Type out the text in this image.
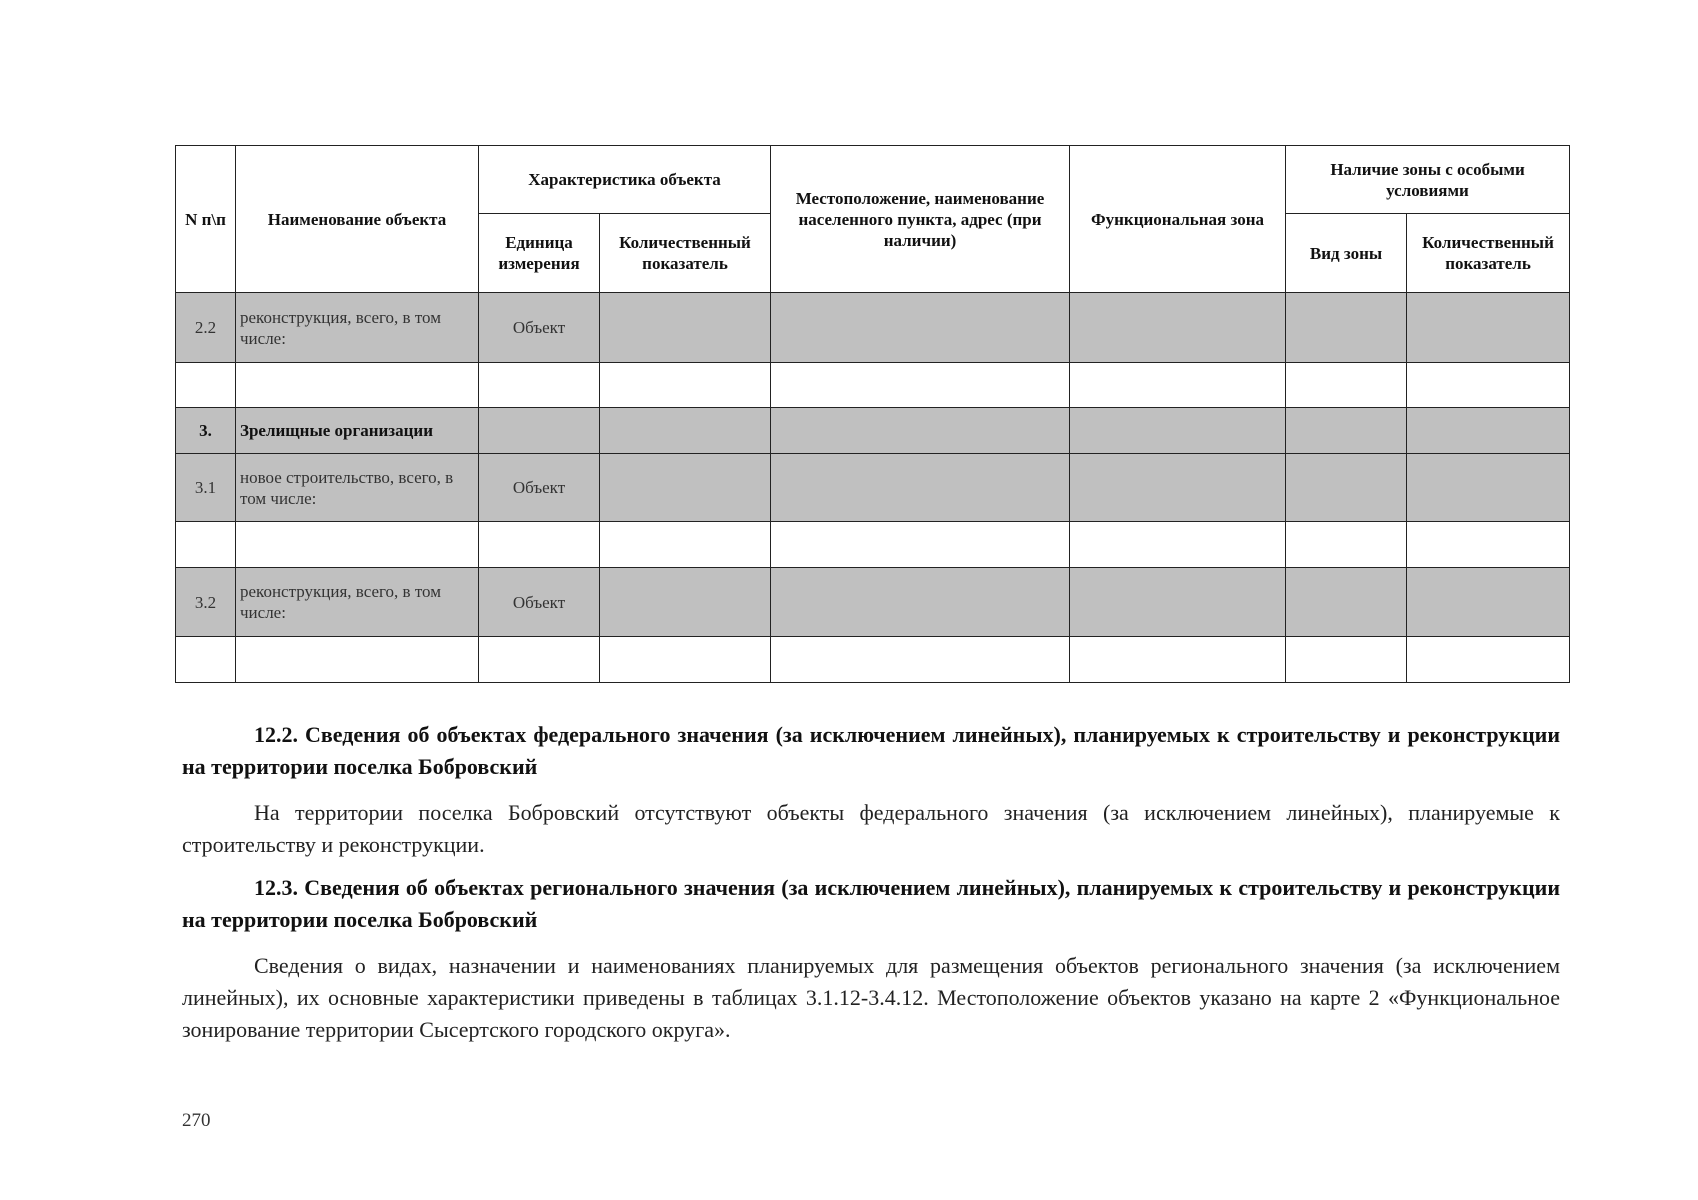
N п\п	Наименование объекта	Характеристика объекта		Местоположение, наименование населенного пункта, адрес (при наличии)	Функциональная зона	Наличие зоны с особыми условиями	
		Единица измерения	Количественный показатель			Вид зоны	Количественный показатель
2.2	реконструкция, всего, в том числе:	Объект					

3.	Зрелищные организации						
3.1	новое строительство, всего, в том числе:	Объект					

3.2	реконструкция, всего, в том числе:	Объект					

12.2. Сведения об объектах федерального значения (за исключением линейных), планируемых к строительству и реконструкции на территории поселка Бобровский

На территории поселка Бобровский отсутствуют объекты федерального значения (за исключением линейных), планируемые к строительству и реконструкции.

12.3. Сведения об объектах регионального значения (за исключением линейных), планируемых к строительству и реконструкции на территории поселка Бобровский

Сведения о видах, назначении и наименованиях планируемых для размещения объектов регионального значения (за исключением линейных), их основные характеристики приведены в таблицах 3.1.12-3.4.12. Местоположение объектов указано на карте 2 «Функциональное зонирование территории Сысертского городского округа».

270
